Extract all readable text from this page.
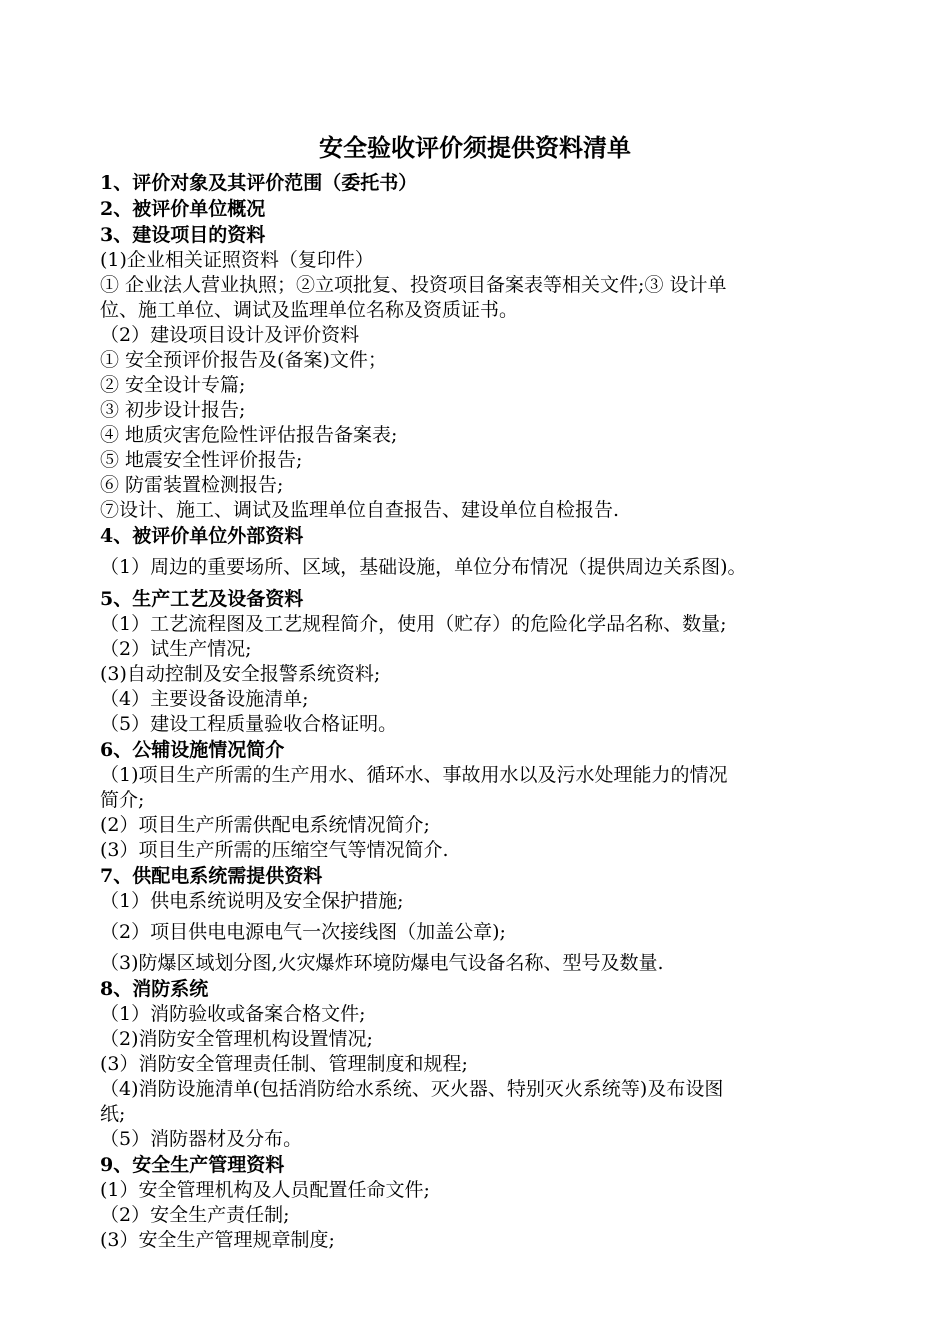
安全验收评价须提供资料清单
1、评价对象及其评价范围（委托书）
2、被评价单位概况
3、建设项目的资料
(1)企业相关证照资料（复印件）
① 企业法人营业执照；②立项批复、投资项目备案表等相关文件;③ 设计单
位、施工单位、调试及监理单位名称及资质证书。
（2）建设项目设计及评价资料
① 安全预评价报告及(备案)文件；
② 安全设计专篇;
③ 初步设计报告;
④ 地质灾害危险性评估报告备案表;
⑤ 地震安全性评价报告;
⑥ 防雷装置检测报告;
⑦设计、施工、调试及监理单位自查报告、建设单位自检报告.
4、被评价单位外部资料
（1）周边的重要场所、区域，基础设施，单位分布情况（提供周边关系图)。
5、生产工艺及设备资料
（1）工艺流程图及工艺规程简介，使用（贮存）的危险化学品名称、数量;
（2）试生产情况;
(3)自动控制及安全报警系统资料;
（4）主要设备设施清单;
（5）建设工程质量验收合格证明。
6、公辅设施情况简介
（1)项目生产所需的生产用水、循环水、事故用水以及污水处理能力的情况
简介;
(2）项目生产所需供配电系统情况简介;
(3）项目生产所需的压缩空气等情况简介.
7、供配电系统需提供资料
（1）供电系统说明及安全保护措施;
（2）项目供电电源电气一次接线图（加盖公章);
（3)防爆区域划分图,火灾爆炸环境防爆电气设备名称、型号及数量.
8、消防系统
（1）消防验收或备案合格文件;
（2)消防安全管理机构设置情况;
(3）消防安全管理责任制、管理制度和规程;
（4)消防设施清单(包括消防给水系统、灭火器、特别灭火系统等)及布设图
纸;
（5）消防器材及分布。
9、安全生产管理资料
(1）安全管理机构及人员配置任命文件;
（2）安全生产责任制;
(3）安全生产管理规章制度;
